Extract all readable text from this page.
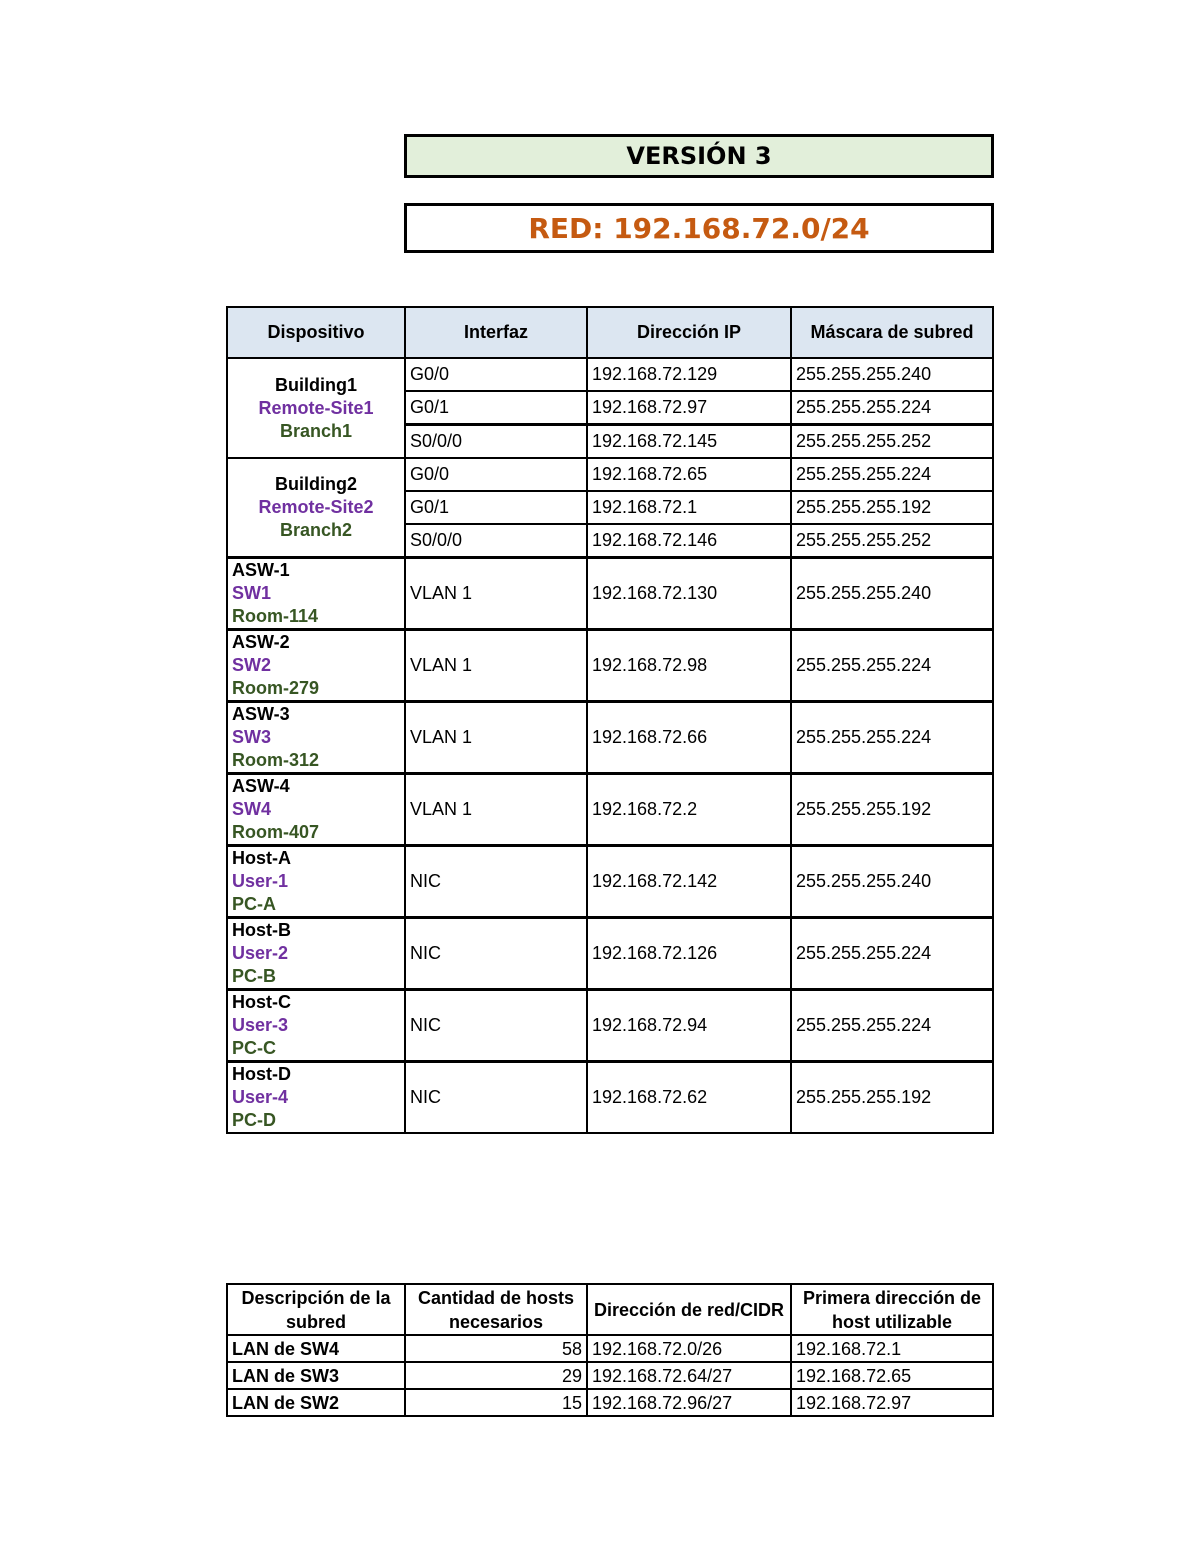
VERSIÓN 3
RED: 192.168.72.0/24
Dispositivo	Interfaz	Dirección IP	Máscara de subred

Building1
Remote-Site1
Branch1	G0/0	192.168.72.129	255.255.255.240
	G0/1	192.168.72.97	255.255.255.224
	S0/0/0	192.168.72.145	255.255.255.252

Building2
Remote-Site2
Branch2	G0/0	192.168.72.65	255.255.255.224
	G0/1	192.168.72.1	255.255.255.192
	S0/0/0	192.168.72.146	255.255.255.252

ASW-1
SW1
Room-114	VLAN 1	192.168.72.130	255.255.255.240

ASW-2
SW2
Room-279	VLAN 1	192.168.72.98	255.255.255.224

ASW-3
SW3
Room-312	VLAN 1	192.168.72.66	255.255.255.224

ASW-4
SW4
Room-407	VLAN 1	192.168.72.2	255.255.255.192

Host-A
User-1
PC-A	NIC	192.168.72.142	255.255.255.240

Host-B
User-2
PC-B	NIC	192.168.72.126	255.255.255.224

Host-C
User-3
PC-C	NIC	192.168.72.94	255.255.255.224

Host-D
User-4
PC-D	NIC	192.168.72.62	255.255.255.192
Descripción de la subred	Cantidad de hosts necesarios	Dirección de red/CIDR	Primera dirección de host utilizable
LAN de SW4	58	192.168.72.0/26	192.168.72.1
LAN de SW3	29	192.168.72.64/27	192.168.72.65
LAN de SW2	15	192.168.72.96/27	192.168.72.97
